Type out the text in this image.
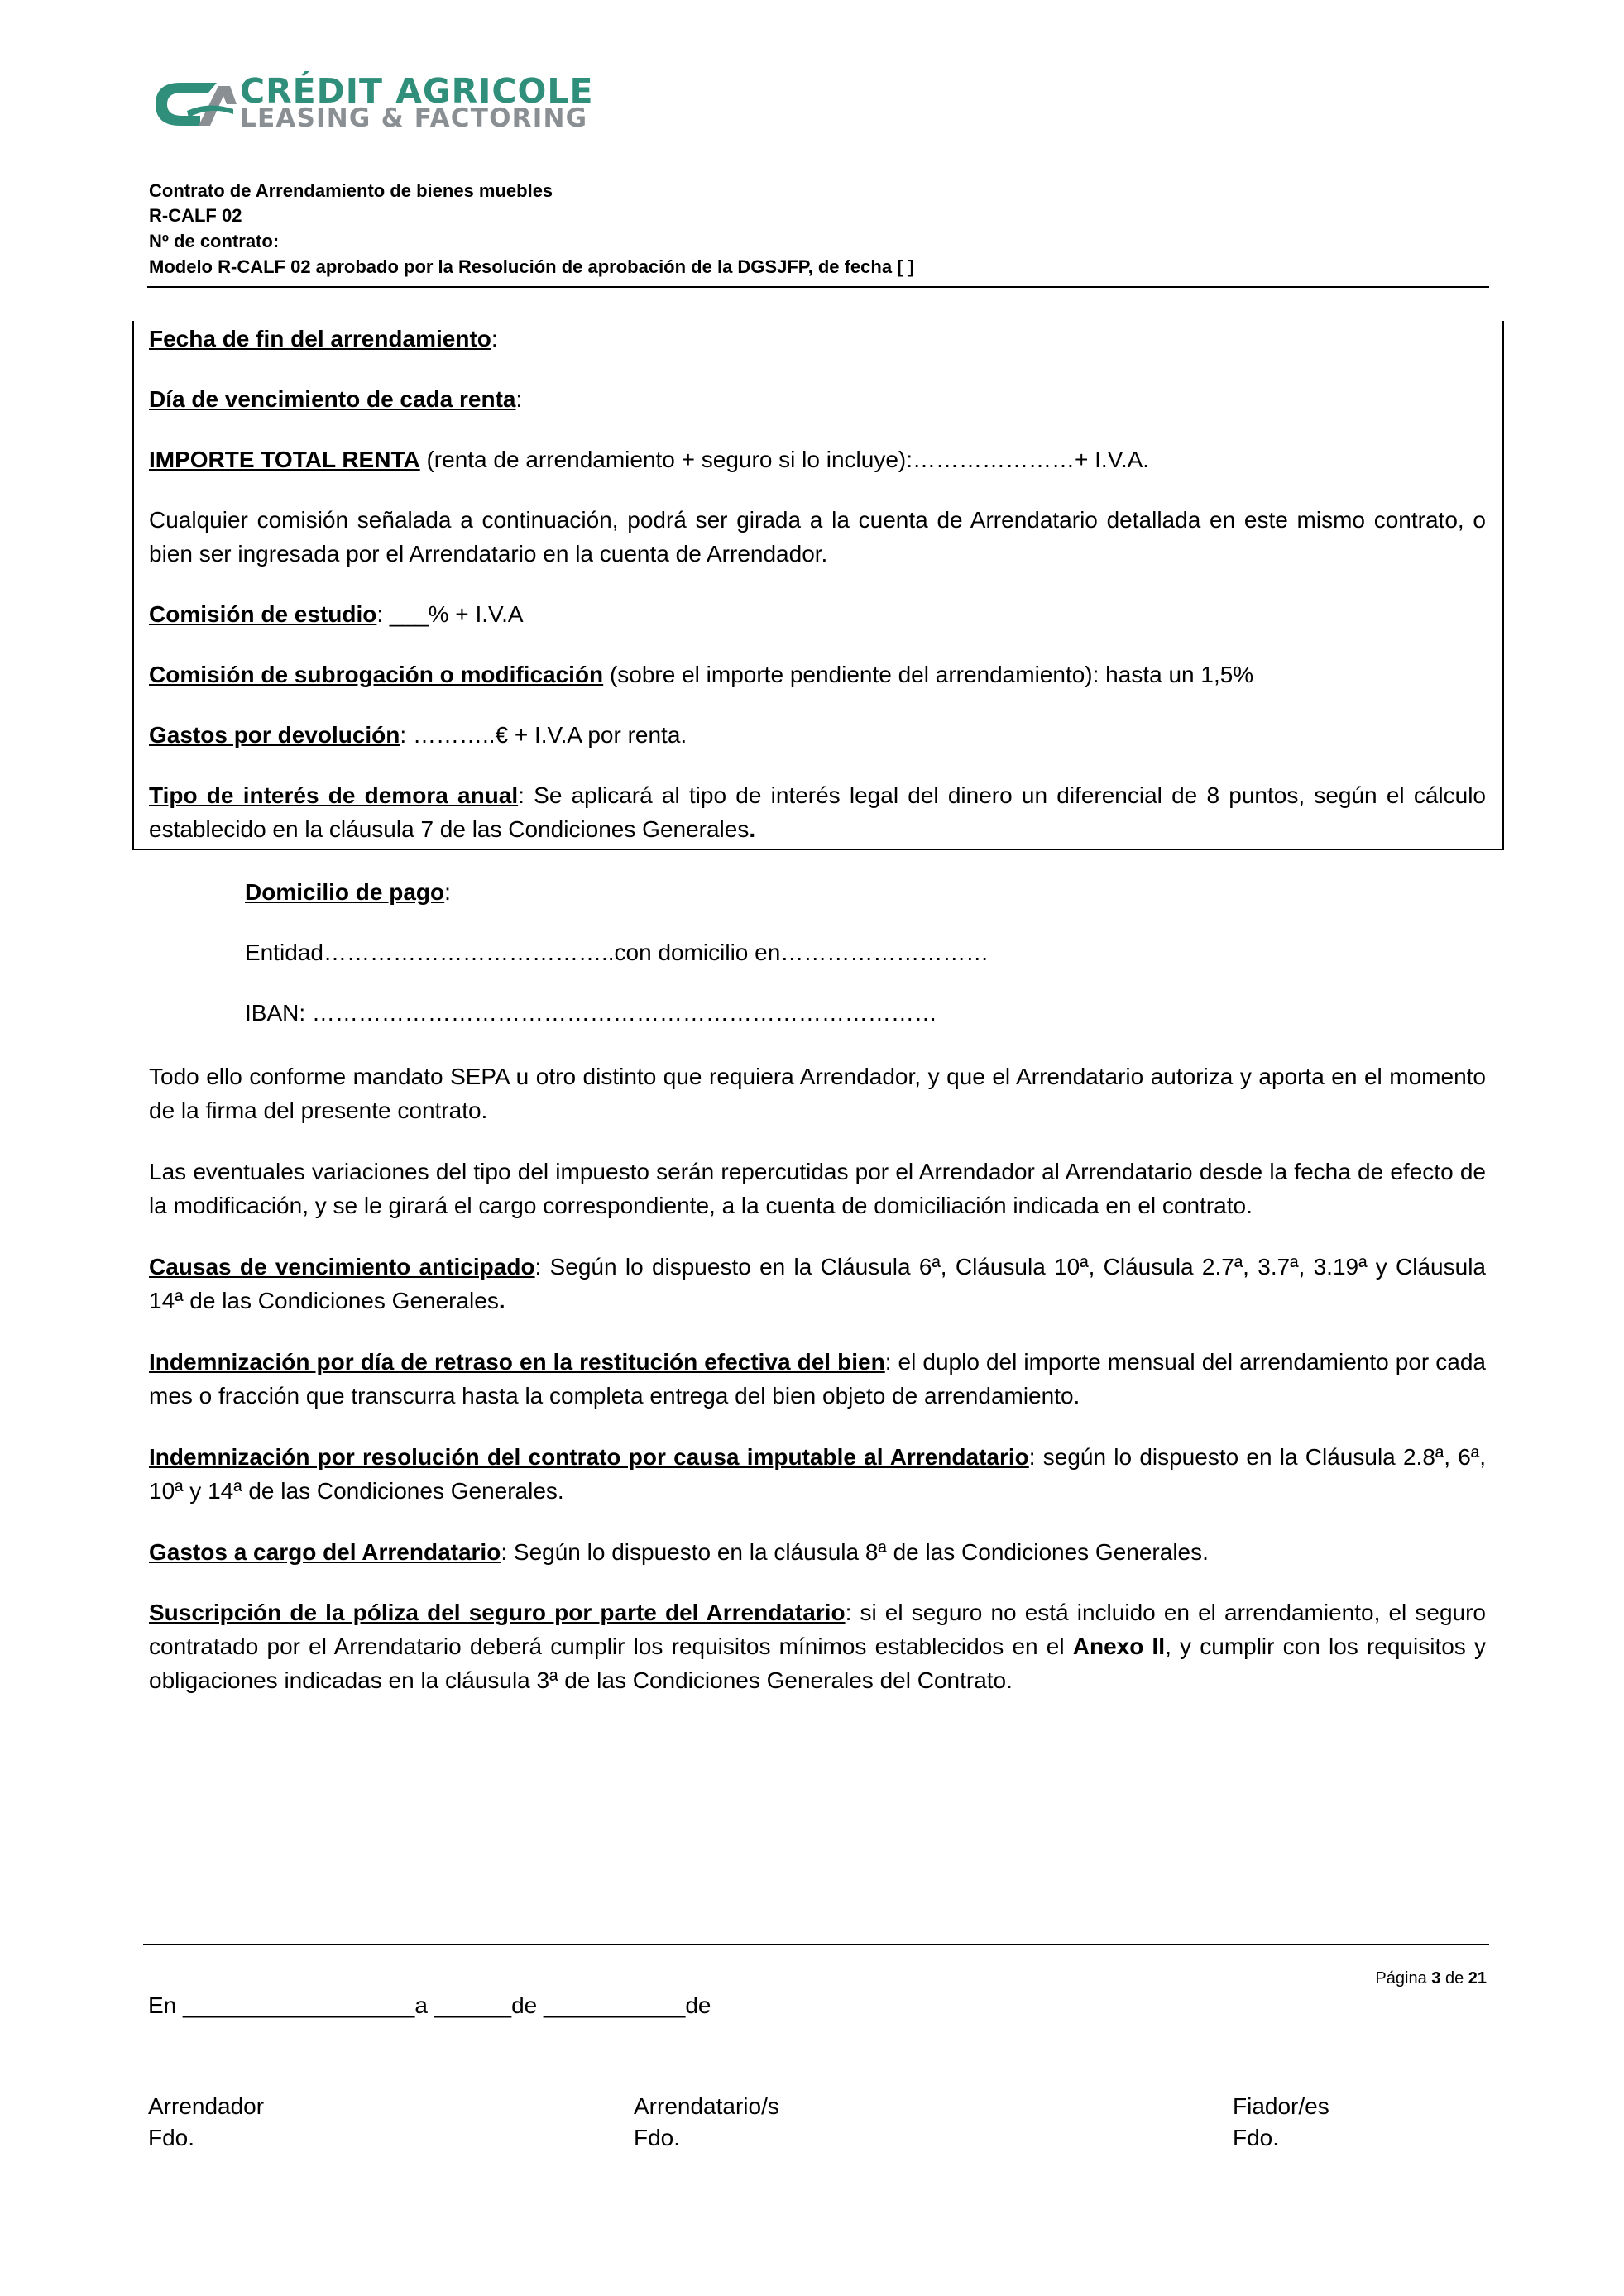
CRÉDIT AGRICOLE
LEASING & FACTORING
Contrato de Arrendamiento de bienes muebles
R-CALF 02
Nº de contrato:
Modelo R-CALF 02 aprobado por la Resolución de aprobación de la DGSJFP, de fecha [ ]
Fecha de fin del arrendamiento:
Día de vencimiento de cada renta:
IMPORTE TOTAL RENTA (renta de arrendamiento + seguro si lo incluye):…………………+ I.V.A.
Cualquier comisión señalada a continuación, podrá ser girada a la cuenta de Arrendatario detallada en este mismo contrato, o bien ser ingresada por el Arrendatario en la cuenta de Arrendador.
Comisión de estudio: ___% + I.V.A
Comisión de subrogación o modificación (sobre el importe pendiente del arrendamiento): hasta un 1,5%
Gastos por devolución: ………..€ + I.V.A por renta.
Tipo de interés de demora anual: Se aplicará al tipo de interés legal del dinero un diferencial de 8 puntos, según el cálculo establecido en la cláusula 7 de las Condiciones Generales.
Domicilio de pago:
Entidad………………………………..con domicilio en………………………
IBAN: ………………………………………………………………………
Todo ello conforme mandato SEPA u otro distinto que requiera Arrendador, y que el Arrendatario autoriza y aporta en el momento de la firma del presente contrato.
Las eventuales variaciones del tipo del impuesto serán repercutidas por el Arrendador al Arrendatario desde la fecha de efecto de la modificación, y se le girará el cargo correspondiente, a la cuenta de domiciliación indicada en el contrato.
Causas de vencimiento anticipado: Según lo dispuesto en la Cláusula 6ª, Cláusula 10ª, Cláusula 2.7ª, 3.7ª, 3.19ª y Cláusula 14ª de las Condiciones Generales.
Indemnización por día de retraso en la restitución efectiva del bien: el duplo del importe mensual del arrendamiento por cada mes o fracción que transcurra hasta la completa entrega del bien objeto de arrendamiento.
Indemnización por resolución del contrato por causa imputable al Arrendatario: según lo dispuesto en la Cláusula 2.8ª, 6ª, 10ª y 14ª de las Condiciones Generales.
Gastos a cargo del Arrendatario: Según lo dispuesto en la cláusula 8ª de las Condiciones Generales.
Suscripción de la póliza del seguro por parte del Arrendatario: si el seguro no está incluido en el arrendamiento, el seguro contratado por el Arrendatario deberá cumplir los requisitos mínimos establecidos en el Anexo II, y cumplir con los requisitos y obligaciones indicadas en la cláusula 3ª de las Condiciones Generales del Contrato.
Página 3 de 21
En __________________a ______de ___________de
Arrendador
Fdo.
Arrendatario/s
Fdo.
Fiador/es
Fdo.
